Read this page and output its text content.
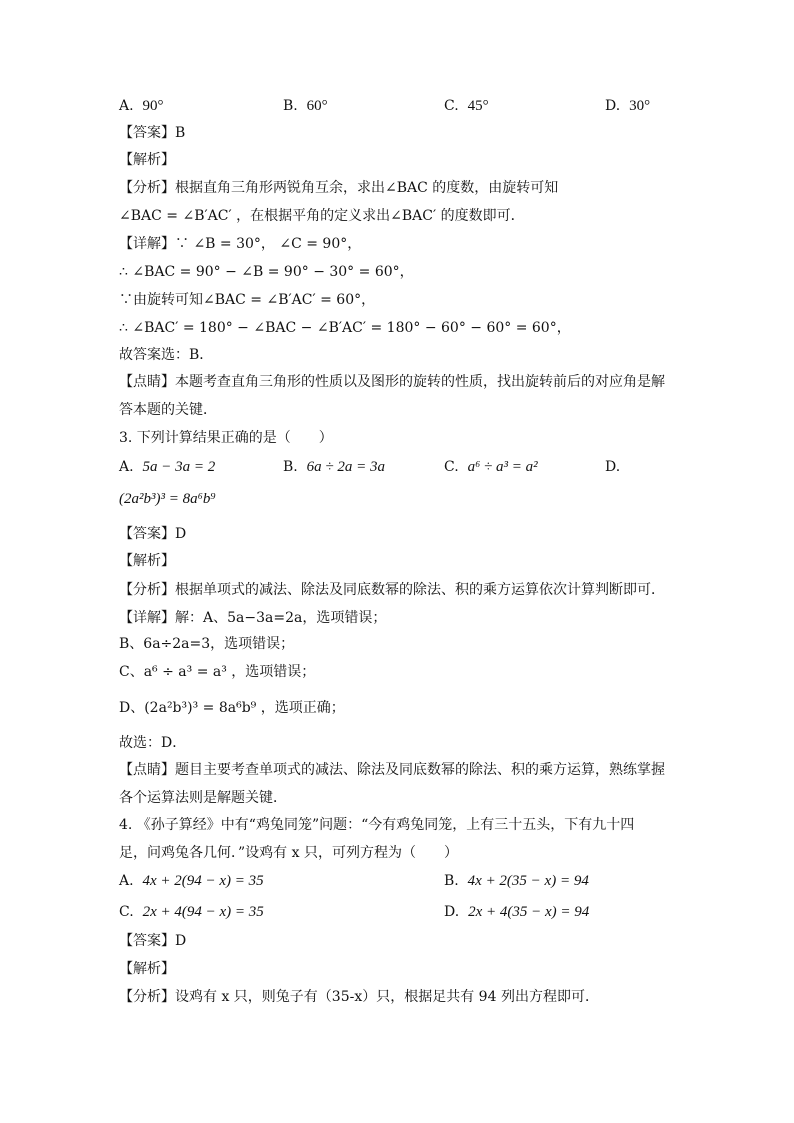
A. 90°	B. 60°	C. 45°	D. 30°
【答案】B
【解析】
【分析】根据直角三角形两锐角互余，求出∠BAC 的度数，由旋转可知
∠BAC = ∠B′AC′ ，在根据平角的定义求出∠BAC′ 的度数即可．
【详解】∵ ∠B = 30°， ∠C = 90°，
∴ ∠BAC = 90° − ∠B = 90° − 30° = 60°，
∵由旋转可知∠BAC = ∠B′AC′ = 60°，
∴ ∠BAC′ = 180° − ∠BAC − ∠B′AC′ = 180° − 60° − 60° = 60°，
故答案选：B．
【点睛】本题考查直角三角形的性质以及图形的旋转的性质，找出旋转前后的对应角是解
答本题的关键．
3. 下列计算结果正确的是（　　）
A. 5a − 3a = 2	B. 6a ÷ 2a = 3a	C. a⁶ ÷ a³ = a²	D.
(2a²b³)³ = 8a⁶b⁹
【答案】D
【解析】
【分析】根据单项式的减法、除法及同底数幂的除法、积的乘方运算依次计算判断即可．
【详解】解：A、5a−3a=2a，选项错误；
B、6a÷2a=3，选项错误；
C、a⁶ ÷ a³ = a³ ，选项错误；
D、(2a²b³)³ = 8a⁶b⁹ ，选项正确；
故选：D．
【点睛】题目主要考查单项式的减法、除法及同底数幂的除法、积的乘方运算，熟练掌握
各个运算法则是解题关键．
4. 《孙子算经》中有“鸡兔同笼”问题：“今有鸡兔同笼，上有三十五头，下有九十四
足，问鸡兔各几何．”设鸡有 x 只，可列方程为（　　）
A. 4x + 2(94 − x) = 35	B. 4x + 2(35 − x) = 94
C. 2x + 4(94 − x) = 35	D. 2x + 4(35 − x) = 94
【答案】D
【解析】
【分析】设鸡有 x 只，则兔子有（35-x）只，根据足共有 94 列出方程即可．
